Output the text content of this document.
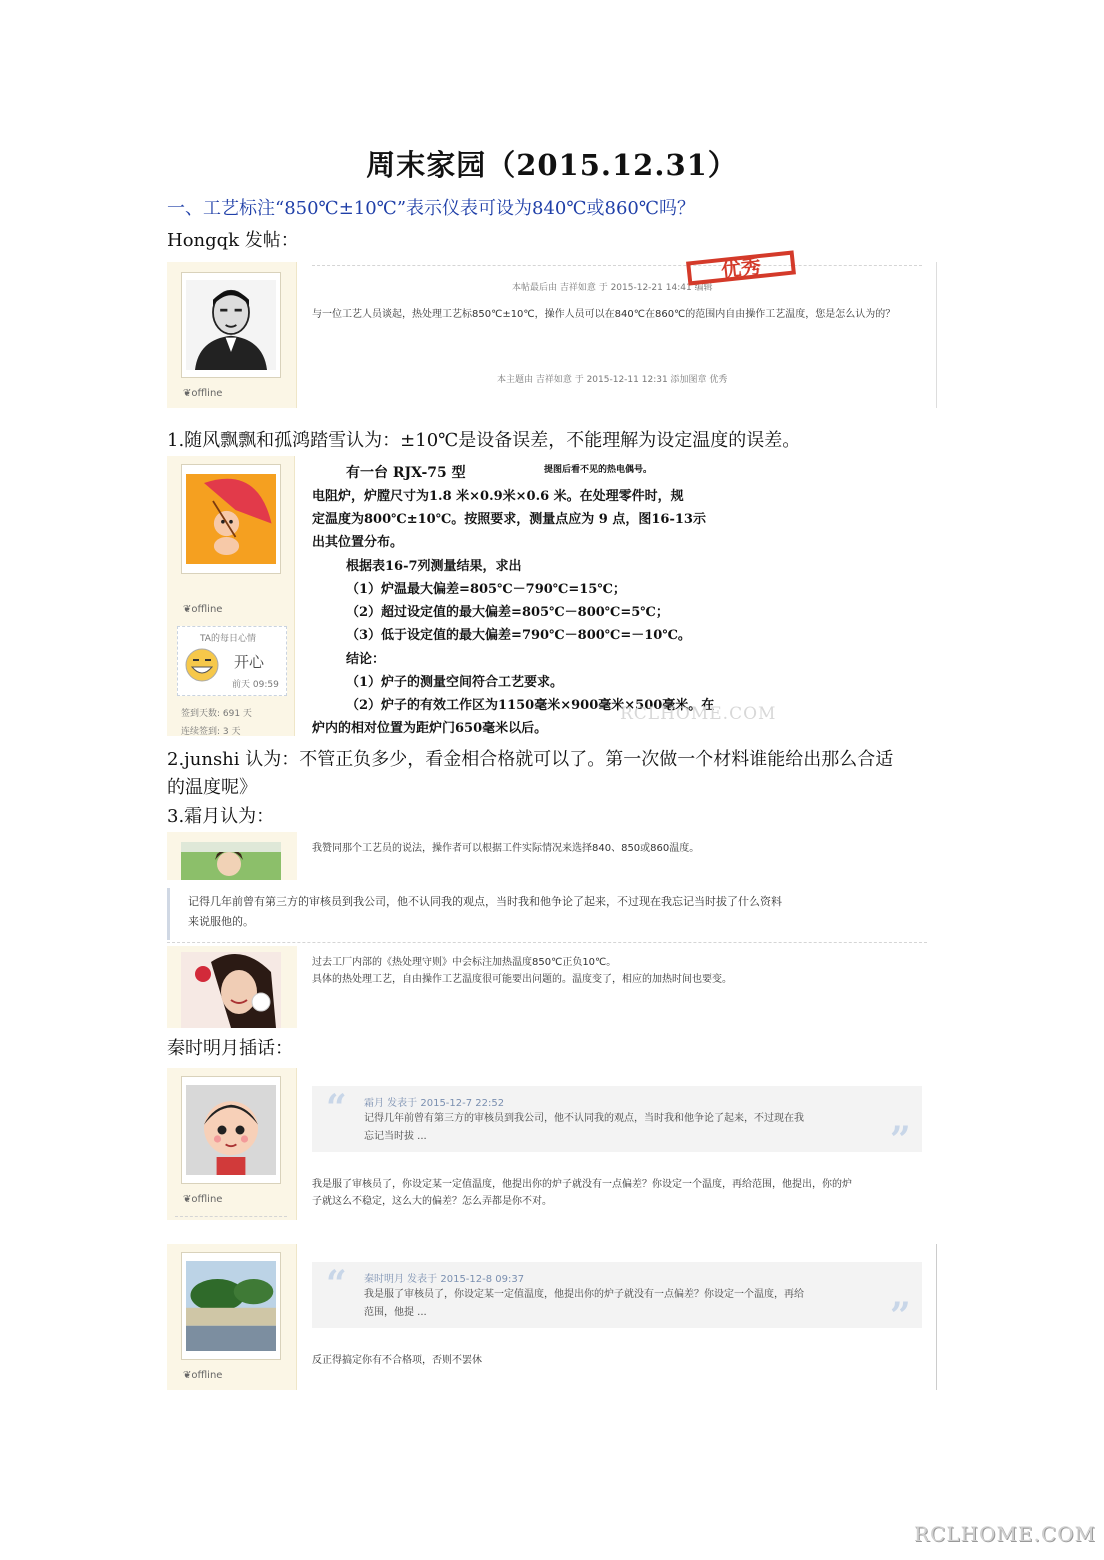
周末家园（2015.12.31）
一、工艺标注“850℃±10℃”表示仪表可设为840℃或860℃吗？
Hongqk 发帖：
❦offline
本帖最后由 吉祥如意 于 2015-12-21 14:41 编辑
优秀
与一位工艺人员谈起，热处理工艺标850℃±10℃，操作人员可以在840℃在860℃的范围内自由操作工艺温度，您是怎么认为的？
本主题由 吉祥如意 于 2015-12-11 12:31 添加图章 优秀
1.随风飘飘和孤鸿踏雪认为：±10℃是设备误差，不能理解为设定温度的误差。
❦offline
TA的每日心情
开心
前天 09:59
签到天数: 691 天
连续签到: 3 天
有一台 RJX-75 型	提图后看不见的热电偶号。
电阻炉，炉膛尺寸为1.8 米×0.9米×0.6 米。在处理零件时，规
定温度为800℃±10℃。按照要求，测量点应为 9 点，图16-13示
出其位置分布。
根据表16-7列测量结果，求出
（1）炉温最大偏差=805℃－790℃=15℃；
（2）超过设定值的最大偏差=805℃－800℃=5℃；
（3）低于设定值的最大偏差=790℃－800℃=－10℃。
结论：
（1）炉子的测量空间符合工艺要求。
（2）炉子的有效工作区为1150毫米×900毫米×500毫米。在
炉内的相对位置为距炉门650毫米以后。
RCLHOME.COM
2.junshi 认为：不管正负多少，看金相合格就可以了。第一次做一个材料谁能给出那么合适
的温度呢》
3.霜月认为：
我赞同那个工艺员的说法，操作者可以根据工件实际情况来选择840、850或860温度。
记得几年前曾有第三方的审核员到我公司，他不认同我的观点，当时我和他争论了起来，不过现在我忘记当时拔了什么资料
来说服他的。
过去工厂内部的《热处理守则》中会标注加热温度850℃正负10℃。
具体的热处理工艺，自由操作工艺温度很可能要出问题的。温度变了，相应的加热时间也要变。
秦时明月插话：
❦offline
“ 霜月 发表于 2015-12-7 22:52
记得几年前曾有第三方的审核员到我公司，他不认同我的观点，当时我和他争论了起来，不过现在我
忘记当时拔 ...	”
我是服了审核员了，你设定某一定值温度，他提出你的炉子就没有一点偏差？你设定一个温度，再给范围，他提出，你的炉
子就这么不稳定，这么大的偏差？怎么弄都是你不对。
❦offline
“ 秦时明月 发表于 2015-12-8 09:37
我是服了审核员了，你设定某一定值温度，他提出你的炉子就没有一点偏差？你设定一个温度，再给
范围，他提 ...	”
反正得搞定你有不合格项，否则不罢休
RCLHOME.COM
